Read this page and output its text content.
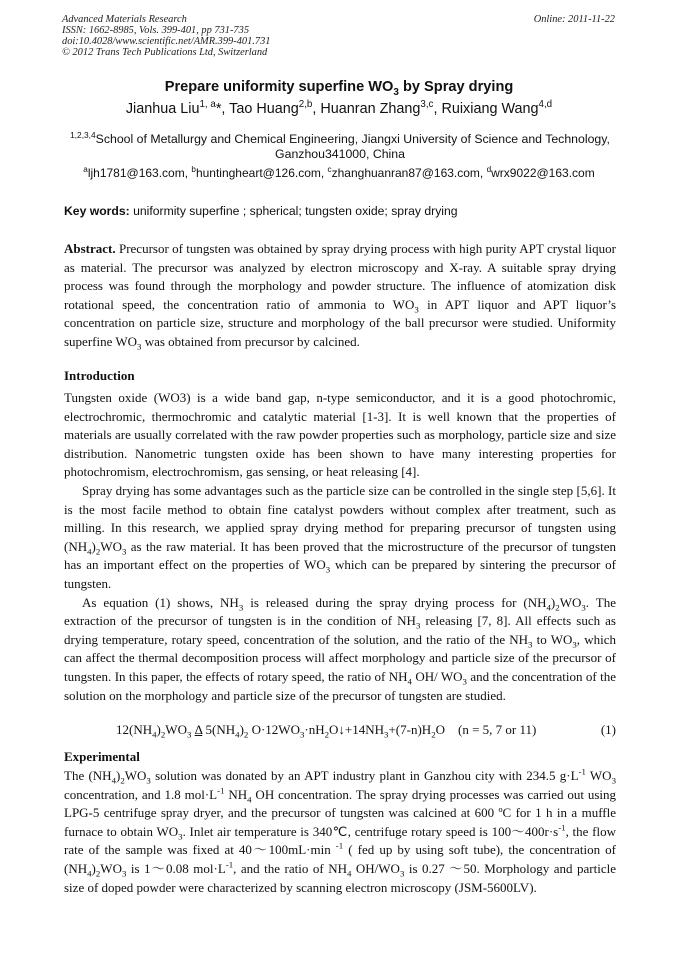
Advanced Materials Research
ISSN: 1662-8985, Vols. 399-401, pp 731-735
doi:10.4028/www.scientific.net/AMR.399-401.731
© 2012 Trans Tech Publications Ltd, Switzerland
Online: 2011-11-22
Prepare uniformity superfine $WO_3$ by Spray drying
Jianhua Liu$^{1, a}$*, Tao Huang$^{2,b}$, Huanran Zhang$^{3,c}$, Ruixiang Wang$^{4,d}$
$^{1,2,3,4}$School of Metallurgy and Chemical Engineering, Jiangxi University of Science and Technology, Ganzhou341000, China
$^a$ljh1781@163.com, $^b$huntingheart@126.com, $^c$zhanghuanran87@163.com, $^d$wrx9022@163.com
Key words: uniformity superfine ; spherical; tungsten oxide; spray drying
Abstract. Precursor of tungsten was obtained by spray drying process with high purity APT crystal liquor as material. The precursor was analyzed by electron microscopy and X-ray. A suitable spray drying process was found through the morphology and powder structure. The influence of atomization disk rotational speed, the concentration ratio of ammonia to $WO_3$ in APT liquor and APT liquor’s concentration on particle size, structure and morphology of the ball precursor were studied. Uniformity superfine $WO_3$ was obtained from precursor by calcined.
Introduction

Tungsten oxide (WO3) is a wide band gap, n-type semiconductor, and it is a good photochromic, electrochromic, thermochromic and catalytic material [1-3]. It is well known that the properties of materials are usually correlated with the raw powder properties such as morphology, particle size and size distribution. Nanometric tungsten oxide has been shown to have many interesting properties for photochromism, electrochromism, gas sensing, or heat releasing [4].

Spray drying has some advantages such as the particle size can be controlled in the single step [5,6]. It is the most facile method to obtain fine catalyst powders without complex after treatment, such as milling. In this research, we applied spray drying method for preparing precursor of tungsten using $(NH_4)_2WO_3$ as the raw material. It has been proved that the microstructure of the precursor of tungsten has an important effect on the properties of $WO_3$ which can be prepared by sintering the precursor of tungsten.

As equation (1) shows, $NH_3$ is released during the spray drying process for $(NH_4)_2WO_3$. The extraction of the precursor of tungsten is in the condition of $NH_3$ releasing [7, 8]. All effects such as drying temperature, rotary speed, concentration of the solution, and the ratio of the $NH_3$ to $WO_3$, which can affect the thermal decomposition process will affect morphology and particle size of the precursor of tungsten. In this paper, the effects of rotary speed, the ratio of $NH_4$ OH/ $WO_3$ and the concentration of the solution on the morphology and particle size of the precursor of tungsten are studied.

$12(NH_4)_2WO_3$ Δ $5(NH_4)_2$ $O\cdot 12WO_3\cdot nH_2O↓+14NH_3+(7-n)H_2O$ (n = 5, 7 or 11)	(1)
Experimental
The $(NH_4)_2WO_3$ solution was donated by an APT industry plant in Ganzhou city with 234.5 $g\cdot L^{-1}$ $WO_3$ concentration, and 1.8 $mol\cdot L^{-1}$ $NH_4$ OH concentration. The spray drying processes was carried out using LPG-5 centrifuge spray dryer, and the precursor of tungsten was calcined at 600 ºC for 1 h in a muffle furnace to obtain $WO_3$. Inlet air temperature is 340℃, centrifuge rotary speed is $100\sim 400r\cdot s^{-1}$, the flow rate of the sample was fixed at 40～100mL·min $^{-1}$ ( fed up by using soft tube), the concentration of $(NH_4)_2WO_3$ is 1～0.08 $mol\cdot L^{-1}$, and the ratio of $NH_4$ $OH/WO_3$ is 0.27 ～50. Morphology and particle size of doped powder were characterized by scanning electron microscopy (JSM-5600LV).
